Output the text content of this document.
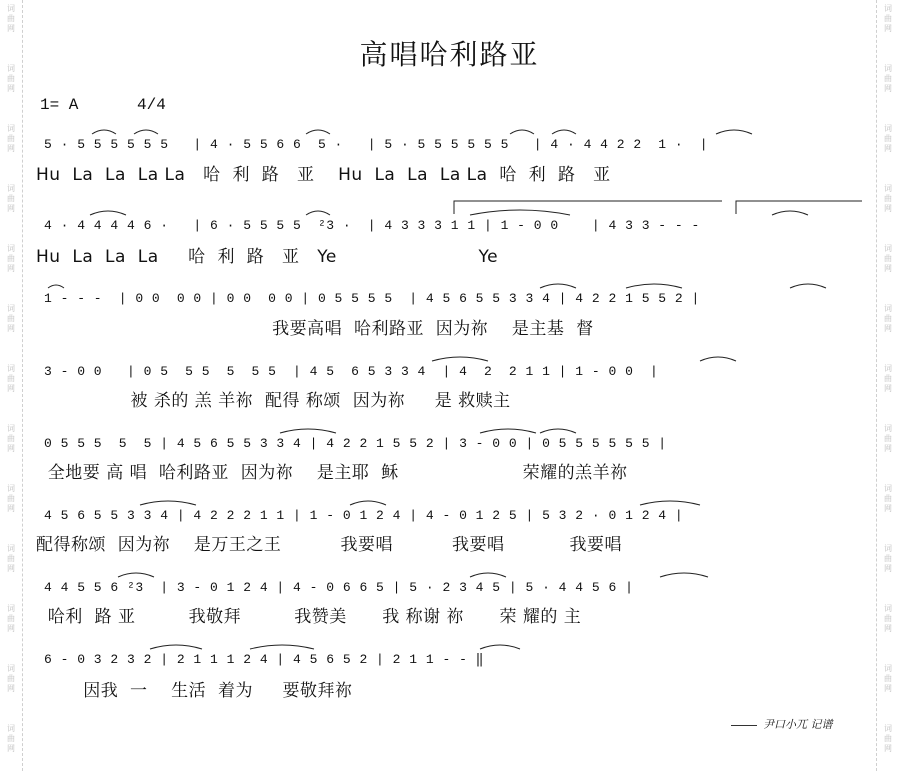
词
曲
网
词
曲
网
词
曲
网
词
曲
网
词
曲
网
词
曲
网
词
曲
网
词
曲
网
词
曲
网
词
曲
网
词
曲
网
词
曲
网
词
曲
网
词
曲
网
词
曲
网
词
曲
网
词
曲
网
词
曲
网
词
曲
网
词
曲
网
词
曲
网
词
曲
网
词
曲
网
词
曲
网
词
曲
网
词
曲
网
高唱哈利路亚
1= A	4/4
5 · 5 5 5 5 5 5   | 4 · 5 5 6 6  5 ·   | 5 · 5 5 5 5 5 5   | 4 · 4 4 2 2  1 ·  |
Hu  La  La  La La   哈  利  路   亚    Hu  La  La  La La  哈  利  路   亚
4 · 4 4 4 4 6 ·   | 6 · 5 5 5 5  ²3 ·  | 4 3 3 3 1 1 | 1 - 0 0    | 4 3 3 - - -
Hu  La  La  La     哈  利  路   亚   Ye                        Ye
1 - - -  | 0 0  0 0 | 0 0  0 0 | 0 5 5 5 5  | 4 5 6 5 5 3 3 4 | 4 2 2 1 5 5 2 |
我要高唱  哈利路亚  因为祢    是主基  督
3 - 0 0   | 0 5  5 5  5  5 5  | 4 5  6 5 3 3 4  | 4  2  2 1 1 | 1 - 0 0  |
被 杀的 羔 羊祢  配得 称颂  因为祢     是 救赎主
0 5 5 5  5  5 | 4 5 6 5 5 3 3 4 | 4 2 2 1 5 5 2 | 3 - 0 0 | 0 5 5 5 5 5 5 |
全地要 高 唱  哈利路亚  因为祢    是主耶  稣                     荣耀的羔羊祢
4 5 6 5 5 3 3 4 | 4 2 2 2 1 1 | 1 - 0 1 2 4 | 4 - 0 1 2 5 | 5 3 2 · 0 1 2 4 |
配得称颂  因为祢    是万王之王          我要唱          我要唱           我要唱
4 4 5 5 6 ²3  | 3 - 0 1 2 4 | 4 - 0 6 6 5 | 5 · 2 3 4 5 | 5 · 4 4 5 6 |
哈利  路 亚         我敬拜         我赞美      我 称谢 祢      荣 耀的 主
6 - 0 3 2 3 2 | 2 1 1 1 2 4 | 4 5 6 5 2 | 2 1 1 - - ‖
因我  一    生活  着为     要敬拜祢
尹口小兀 记谱
